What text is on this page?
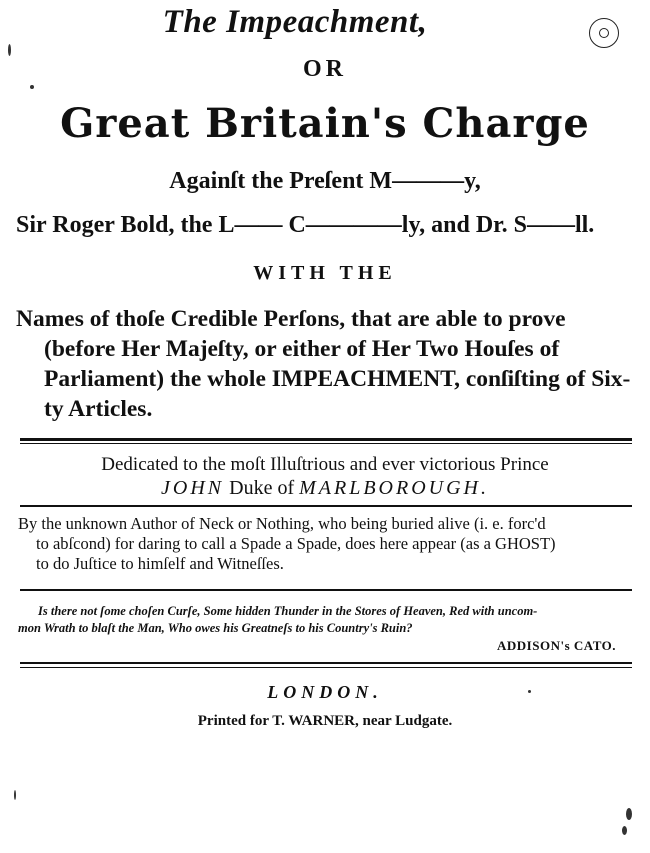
The Impeachment,
OR
Great Britain's Charge
Againſt the Preſent M———y,
Sir Roger Bold, the L—— C————ly, and Dr. S——ll.
WITH THE
Names of thoſe Credible Perſons, that are able to prove
(before Her Majeſty, or either of Her Two Houſes of
Parliament) the whole IMPEACHMENT, conſiſting of Six-
ty Articles.
Dedicated to the moſt Illuſtrious and ever victorious Prince
JOHN Duke of MARLBOROUGH.
By the unknown Author of Neck or Nothing, who being buried alive (i. e. forc'd
to abſcond) for daring to call a Spade a Spade, does here appear (as a GHOST)
to do Juſtice to himſelf and Witneſſes.
Is there not ſome choſen Curſe, Some hidden Thunder in the Stores of Heaven, Red with uncom-
mon Wrath to blaſt the Man, Who owes his Greatneſs to his Country's Ruin?
ADDISON's CATO.
LONDON.
Printed for T. WARNER, near Ludgate.
